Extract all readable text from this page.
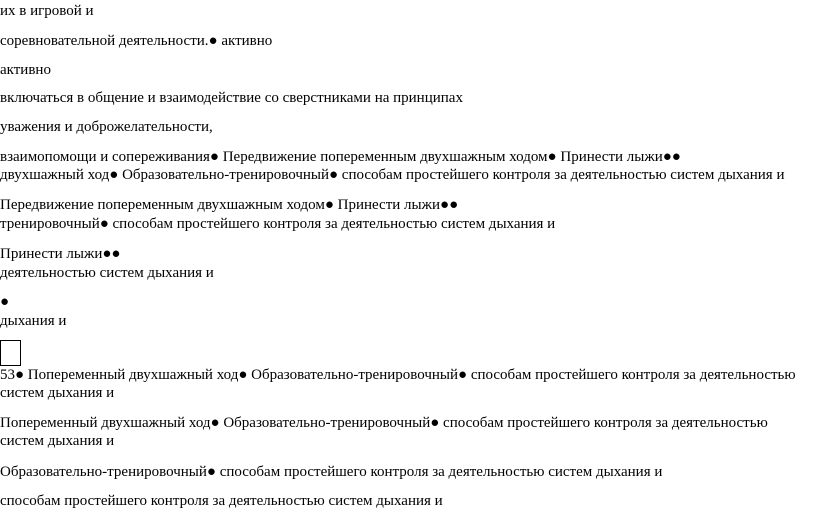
их в игровой и

соревновательной деятельности.● активно

активно

включаться в общение и взаимодействие со сверстниками на принципах

уважения и доброжелательности,

взаимопомощи и сопереживания● Передвижение попеременным двухшажным ходом● Принести лыжи●●

двухшажный ход● Образовательно-тренировочный● способам простейшего контроля за деятельностью систем дыхания и

Передвижение попеременным двухшажным ходом● Принести лыжи●●

тренировочный● способам простейшего контроля за деятельностью систем дыхания и

Принести лыжи●●

деятельностью систем дыхания и

●

дыхания и

53● Попеременный двухшажный ход● Образовательно-тренировочный● способам простейшего контроля за деятельностью систем дыхания и

Попеременный двухшажный ход● Образовательно-тренировочный● способам простейшего контроля за деятельностью систем дыхания и

Образовательно-тренировочный● способам простейшего контроля за деятельностью систем дыхания и

способам простейшего контроля за деятельностью систем дыхания и
